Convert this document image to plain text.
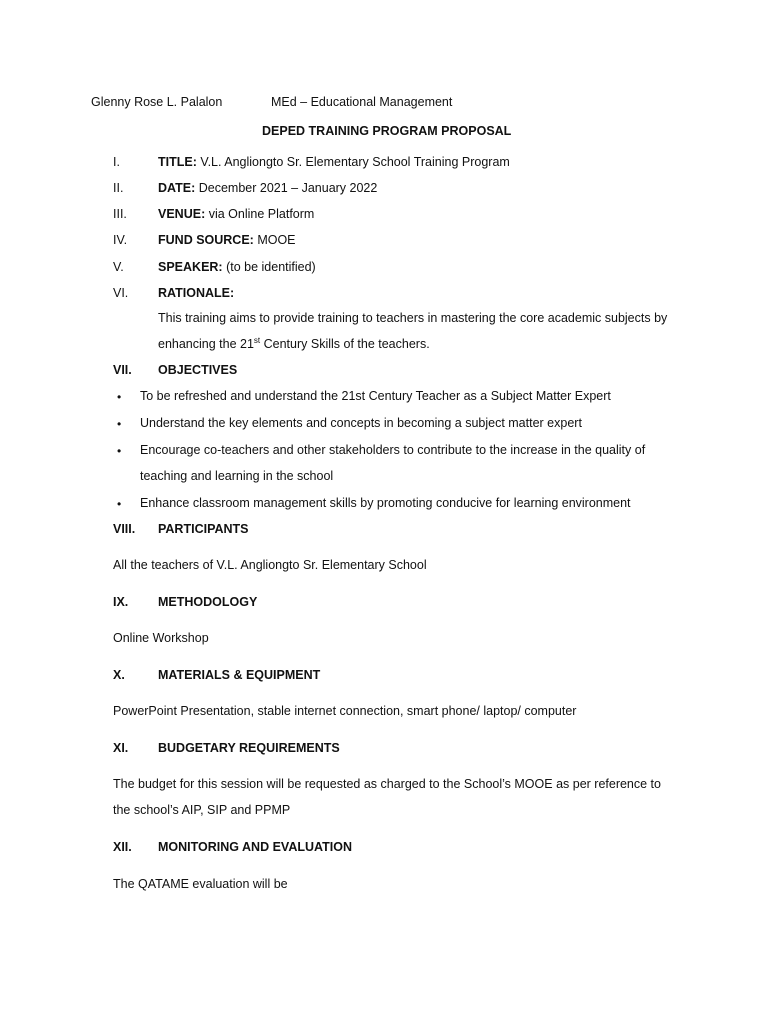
Glenny Rose L. Palalon	MEd – Educational Management
DEPED TRAINING PROGRAM PROPOSAL
I.	TITLE: V.L. Angliongto Sr. Elementary School Training Program
II.	DATE: December 2021 – January 2022
III. VENUE: via Online Platform
IV. FUND SOURCE: MOOE
V.	SPEAKER: (to be identified)
VI. RATIONALE:
This training aims to provide training to teachers in mastering the core academic subjects by
enhancing the 21st Century Skills of the teachers.
VII. OBJECTIVES
• To be refreshed and understand the 21st Century Teacher as a Subject Matter Expert
• Understand the key elements and concepts in becoming a subject matter expert
• Encourage co-teachers and other stakeholders to contribute to the increase in the quality of
teaching and learning in the school
• Enhance classroom management skills by promoting conducive for learning environment
VIII. PARTICIPANTS
All the teachers of V.L. Angliongto Sr. Elementary School
IX. METHODOLOGY
Online Workshop
X.	MATERIALS & EQUIPMENT
PowerPoint Presentation, stable internet connection, smart phone/ laptop/ computer
XI. BUDGETARY REQUIREMENTS
The budget for this session will be requested as charged to the School’s MOOE as per reference to
the school’s AIP, SIP and PPMP
XII. MONITORING AND EVALUATION
The QATAME evaluation will be
